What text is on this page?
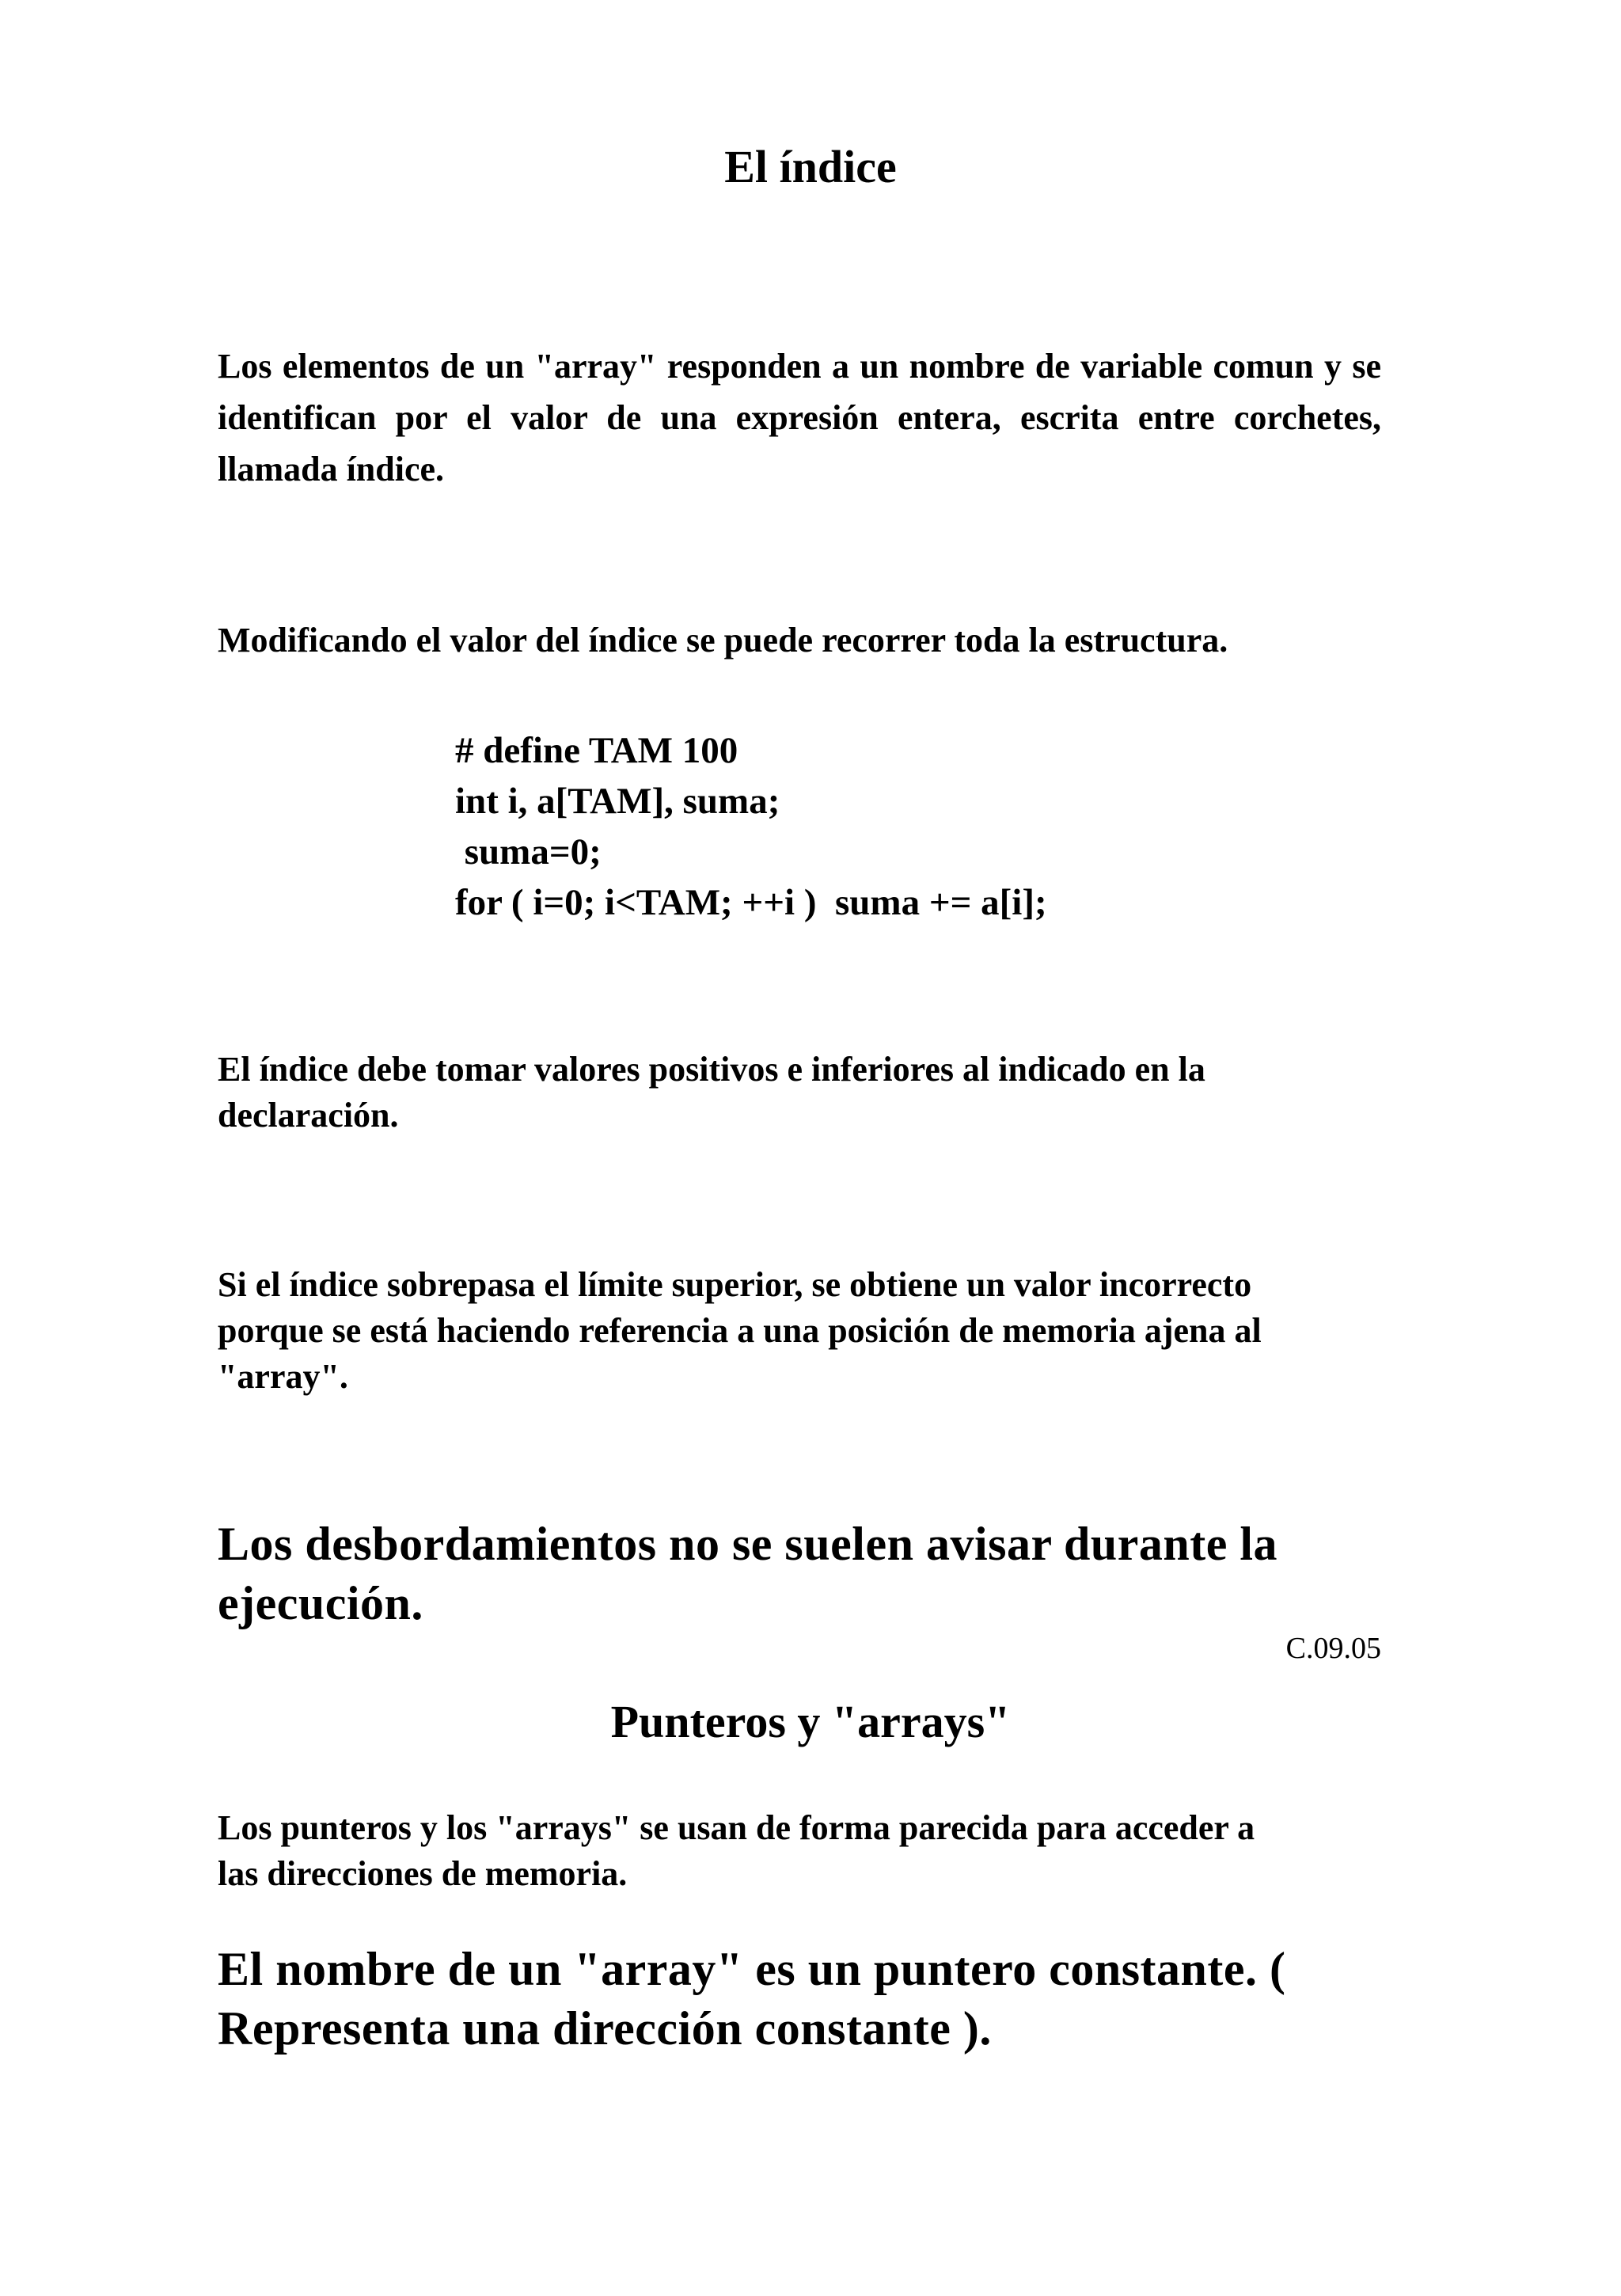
El índice

Los elementos de un "array" responden a un nombre de variable comun y se identifican por el valor de una expresión entera, escrita entre corchetes, llamada índice.

Modificando el valor del índice se puede recorrer toda la estructura.

# define TAM 100
int i, a[TAM], suma;
suma=0;
for ( i=0; i<TAM; ++i )  suma += a[i];

El índice debe tomar valores positivos e inferiores al indicado en la
declaración.

Si el índice sobrepasa el límite superior, se obtiene un valor incorrecto
porque se está haciendo referencia a una posición de memoria ajena al
"array".

Los desbordamientos no se suelen avisar durante la
ejecución.

C.09.05
Punteros y "arrays"

Los punteros y los "arrays" se usan de forma parecida para acceder a
las direcciones de memoria.

El nombre de un "array" es un puntero constante. (
Representa una dirección constante ).
